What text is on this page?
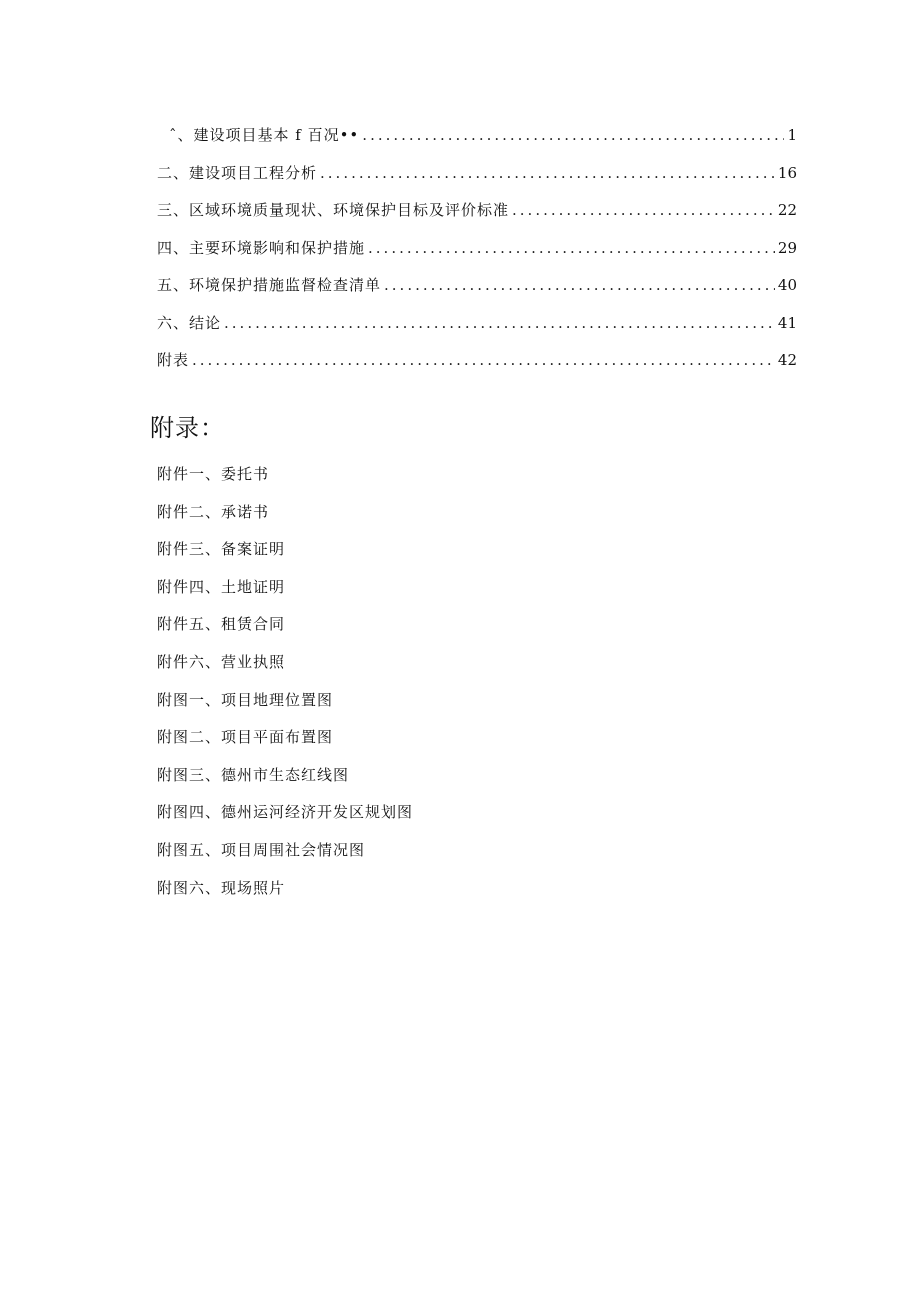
ˆ、建设项目基本 f 百况•• .....	1
二、建设项目工程分析 .....	16
三、区域环境质量现状、环境保护目标及评价标准 .....	22
四、主要环境影响和保护措施 .....	29
五、环境保护措施监督检查清单 .....	40
六、结论 .....	41
附表 .....	42
附录：
附件一、委托书
附件二、承诺书
附件三、备案证明
附件四、土地证明
附件五、租赁合同
附件六、营业执照
附图一、项目地理位置图
附图二、项目平面布置图
附图三、德州市生态红线图
附图四、德州运河经济开发区规划图
附图五、项目周围社会情况图
附图六、现场照片
